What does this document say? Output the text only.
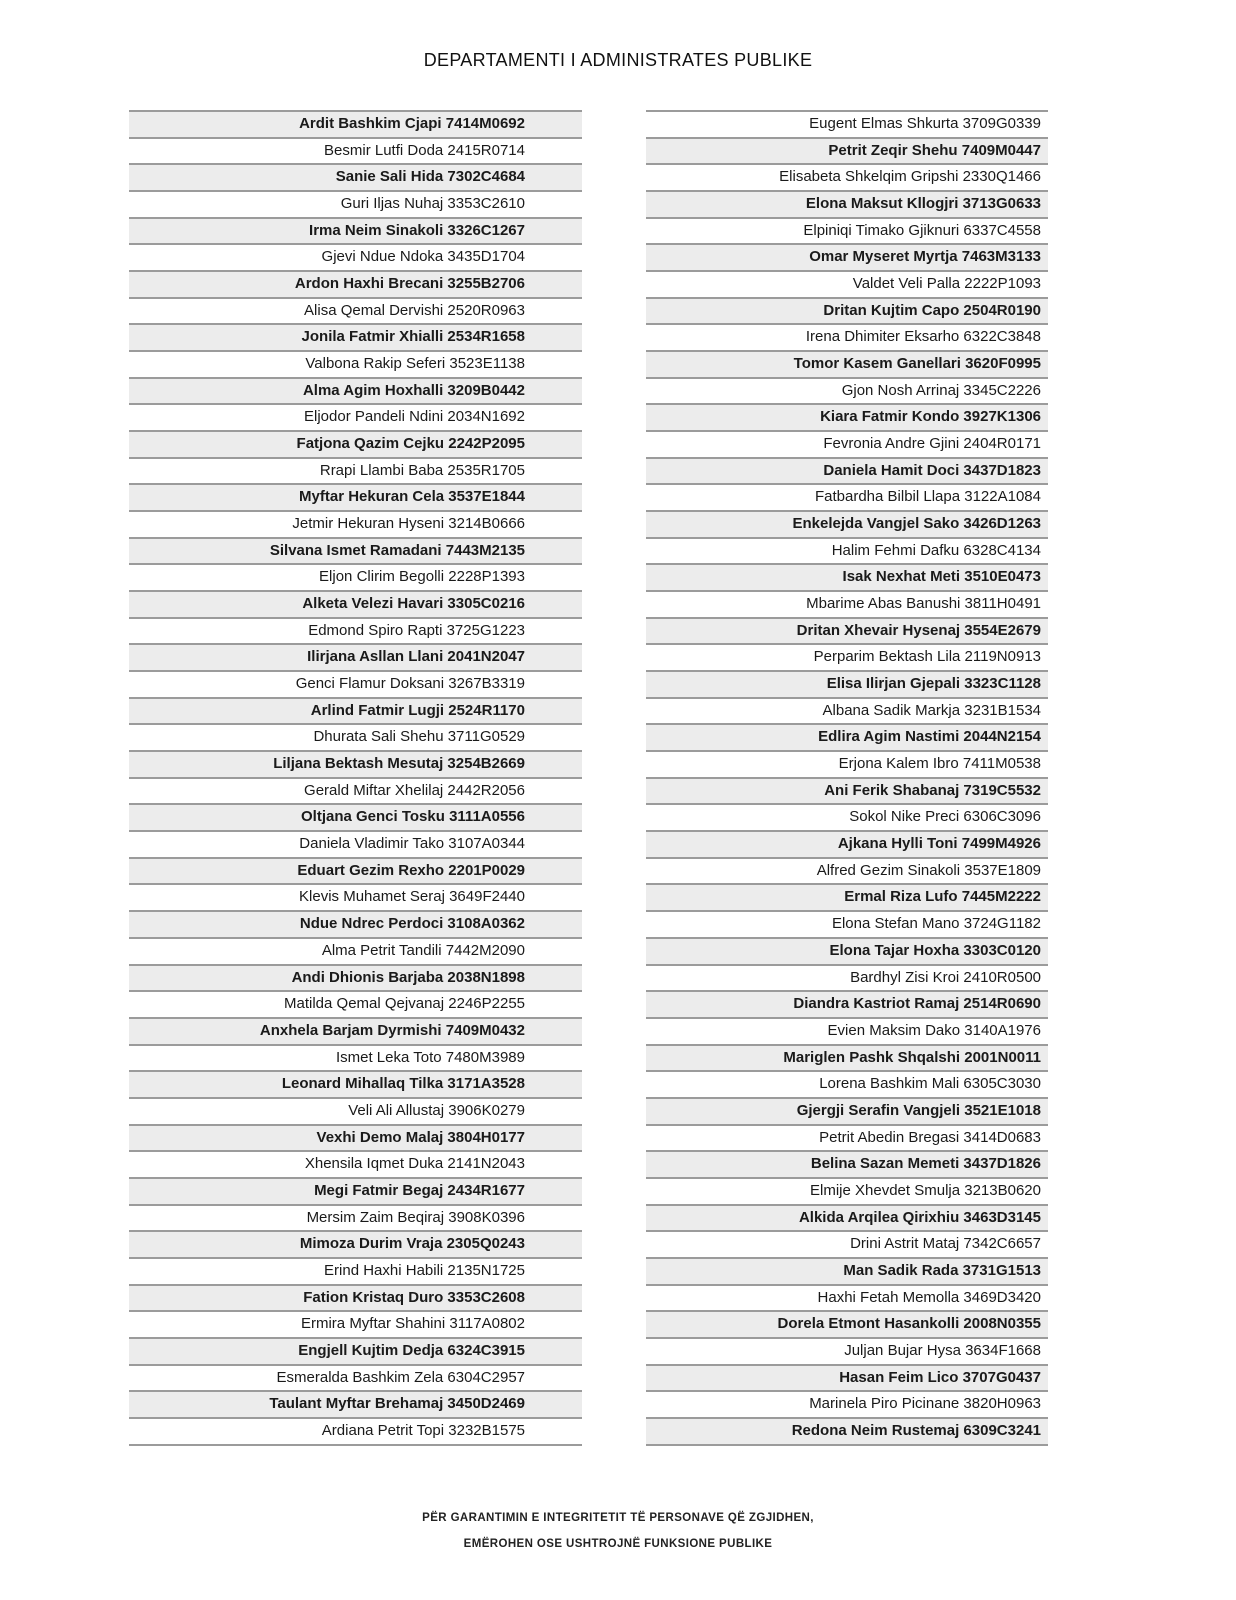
DEPARTAMENTI I ADMINISTRATES PUBLIKE
Ardit Bashkim Cjapi 7414M0692
Besmir Lutfi Doda 2415R0714
Sanie Sali Hida 7302C4684
Guri Iljas Nuhaj 3353C2610
Irma Neim Sinakoli 3326C1267
Gjevi Ndue Ndoka 3435D1704
Ardon Haxhi Brecani 3255B2706
Alisa Qemal Dervishi 2520R0963
Jonila Fatmir Xhialli 2534R1658
Valbona Rakip Seferi 3523E1138
Alma Agim Hoxhalli 3209B0442
Eljodor Pandeli Ndini 2034N1692
Fatjona Qazim Cejku 2242P2095
Rrapi Llambi Baba 2535R1705
Myftar Hekuran Cela 3537E1844
Jetmir Hekuran Hyseni 3214B0666
Silvana Ismet Ramadani 7443M2135
Eljon Clirim Begolli 2228P1393
Alketa Velezi Havari 3305C0216
Edmond Spiro Rapti 3725G1223
Ilirjana Asllan Llani 2041N2047
Genci Flamur Doksani 3267B3319
Arlind Fatmir Lugji 2524R1170
Dhurata Sali Shehu 3711G0529
Liljana Bektash Mesutaj 3254B2669
Gerald Miftar Xhelilaj 2442R2056
Oltjana Genci Tosku 3111A0556
Daniela Vladimir Tako 3107A0344
Eduart Gezim Rexho 2201P0029
Klevis Muhamet Seraj 3649F2440
Ndue Ndrec Perdoci 3108A0362
Alma Petrit Tandili 7442M2090
Andi Dhionis Barjaba 2038N1898
Matilda Qemal Qejvanaj 2246P2255
Anxhela Barjam Dyrmishi 7409M0432
Ismet Leka Toto 7480M3989
Leonard Mihallaq Tilka 3171A3528
Veli Ali Allustaj 3906K0279
Vexhi Demo Malaj 3804H0177
Xhensila Iqmet Duka 2141N2043
Megi Fatmir Begaj 2434R1677
Mersim Zaim Beqiraj 3908K0396
Mimoza Durim Vraja 2305Q0243
Erind Haxhi Habili 2135N1725
Fation Kristaq Duro 3353C2608
Ermira Myftar Shahini 3117A0802
Engjell Kujtim Dedja 6324C3915
Esmeralda Bashkim Zela 6304C2957
Taulant Myftar Brehamaj 3450D2469
Ardiana Petrit Topi 3232B1575
Eugent Elmas Shkurta 3709G0339
Petrit Zeqir Shehu 7409M0447
Elisabeta Shkelqim Gripshi 2330Q1466
Elona Maksut Kllogjri 3713G0633
Elpiniqi Timako Gjiknuri 6337C4558
Omar Myseret Myrtja 7463M3133
Valdet Veli Palla 2222P1093
Dritan Kujtim Capo 2504R0190
Irena Dhimiter Eksarho 6322C3848
Tomor Kasem Ganellari 3620F0995
Gjon Nosh Arrinaj 3345C2226
Kiara Fatmir Kondo 3927K1306
Fevronia Andre Gjini 2404R0171
Daniela Hamit Doci 3437D1823
Fatbardha Bilbil Llapa 3122A1084
Enkelejda Vangjel Sako 3426D1263
Halim Fehmi Dafku 6328C4134
Isak Nexhat Meti 3510E0473
Mbarime Abas Banushi 3811H0491
Dritan Xhevair Hysenaj 3554E2679
Perparim Bektash Lila 2119N0913
Elisa Ilirjan Gjepali 3323C1128
Albana Sadik Markja 3231B1534
Edlira Agim Nastimi 2044N2154
Erjona Kalem Ibro 7411M0538
Ani Ferik Shabanaj 7319C5532
Sokol Nike Preci 6306C3096
Ajkana Hylli Toni 7499M4926
Alfred Gezim Sinakoli 3537E1809
Ermal Riza Lufo 7445M2222
Elona Stefan Mano 3724G1182
Elona Tajar Hoxha 3303C0120
Bardhyl Zisi Kroi 2410R0500
Diandra Kastriot Ramaj 2514R0690
Evien Maksim Dako 3140A1976
Mariglen Pashk Shqalshi 2001N0011
Lorena Bashkim Mali 6305C3030
Gjergji Serafin Vangjeli 3521E1018
Petrit Abedin Bregasi 3414D0683
Belina Sazan Memeti 3437D1826
Elmije Xhevdet Smulja 3213B0620
Alkida Arqilea Qirixhiu 3463D3145
Drini Astrit Mataj 7342C6657
Man Sadik Rada 3731G1513
Haxhi Fetah Memolla 3469D3420
Dorela Etmont Hasankolli 2008N0355
Juljan Bujar Hysa 3634F1668
Hasan Feim Lico 3707G0437
Marinela Piro Picinane 3820H0963
Redona Neim Rustemaj 6309C3241
PËR GARANTIMIN E INTEGRITETIT TË PERSONAVE QË ZGJIDHEN,
EMËROHEN OSE USHTROJNË FUNKSIONE PUBLIKE
